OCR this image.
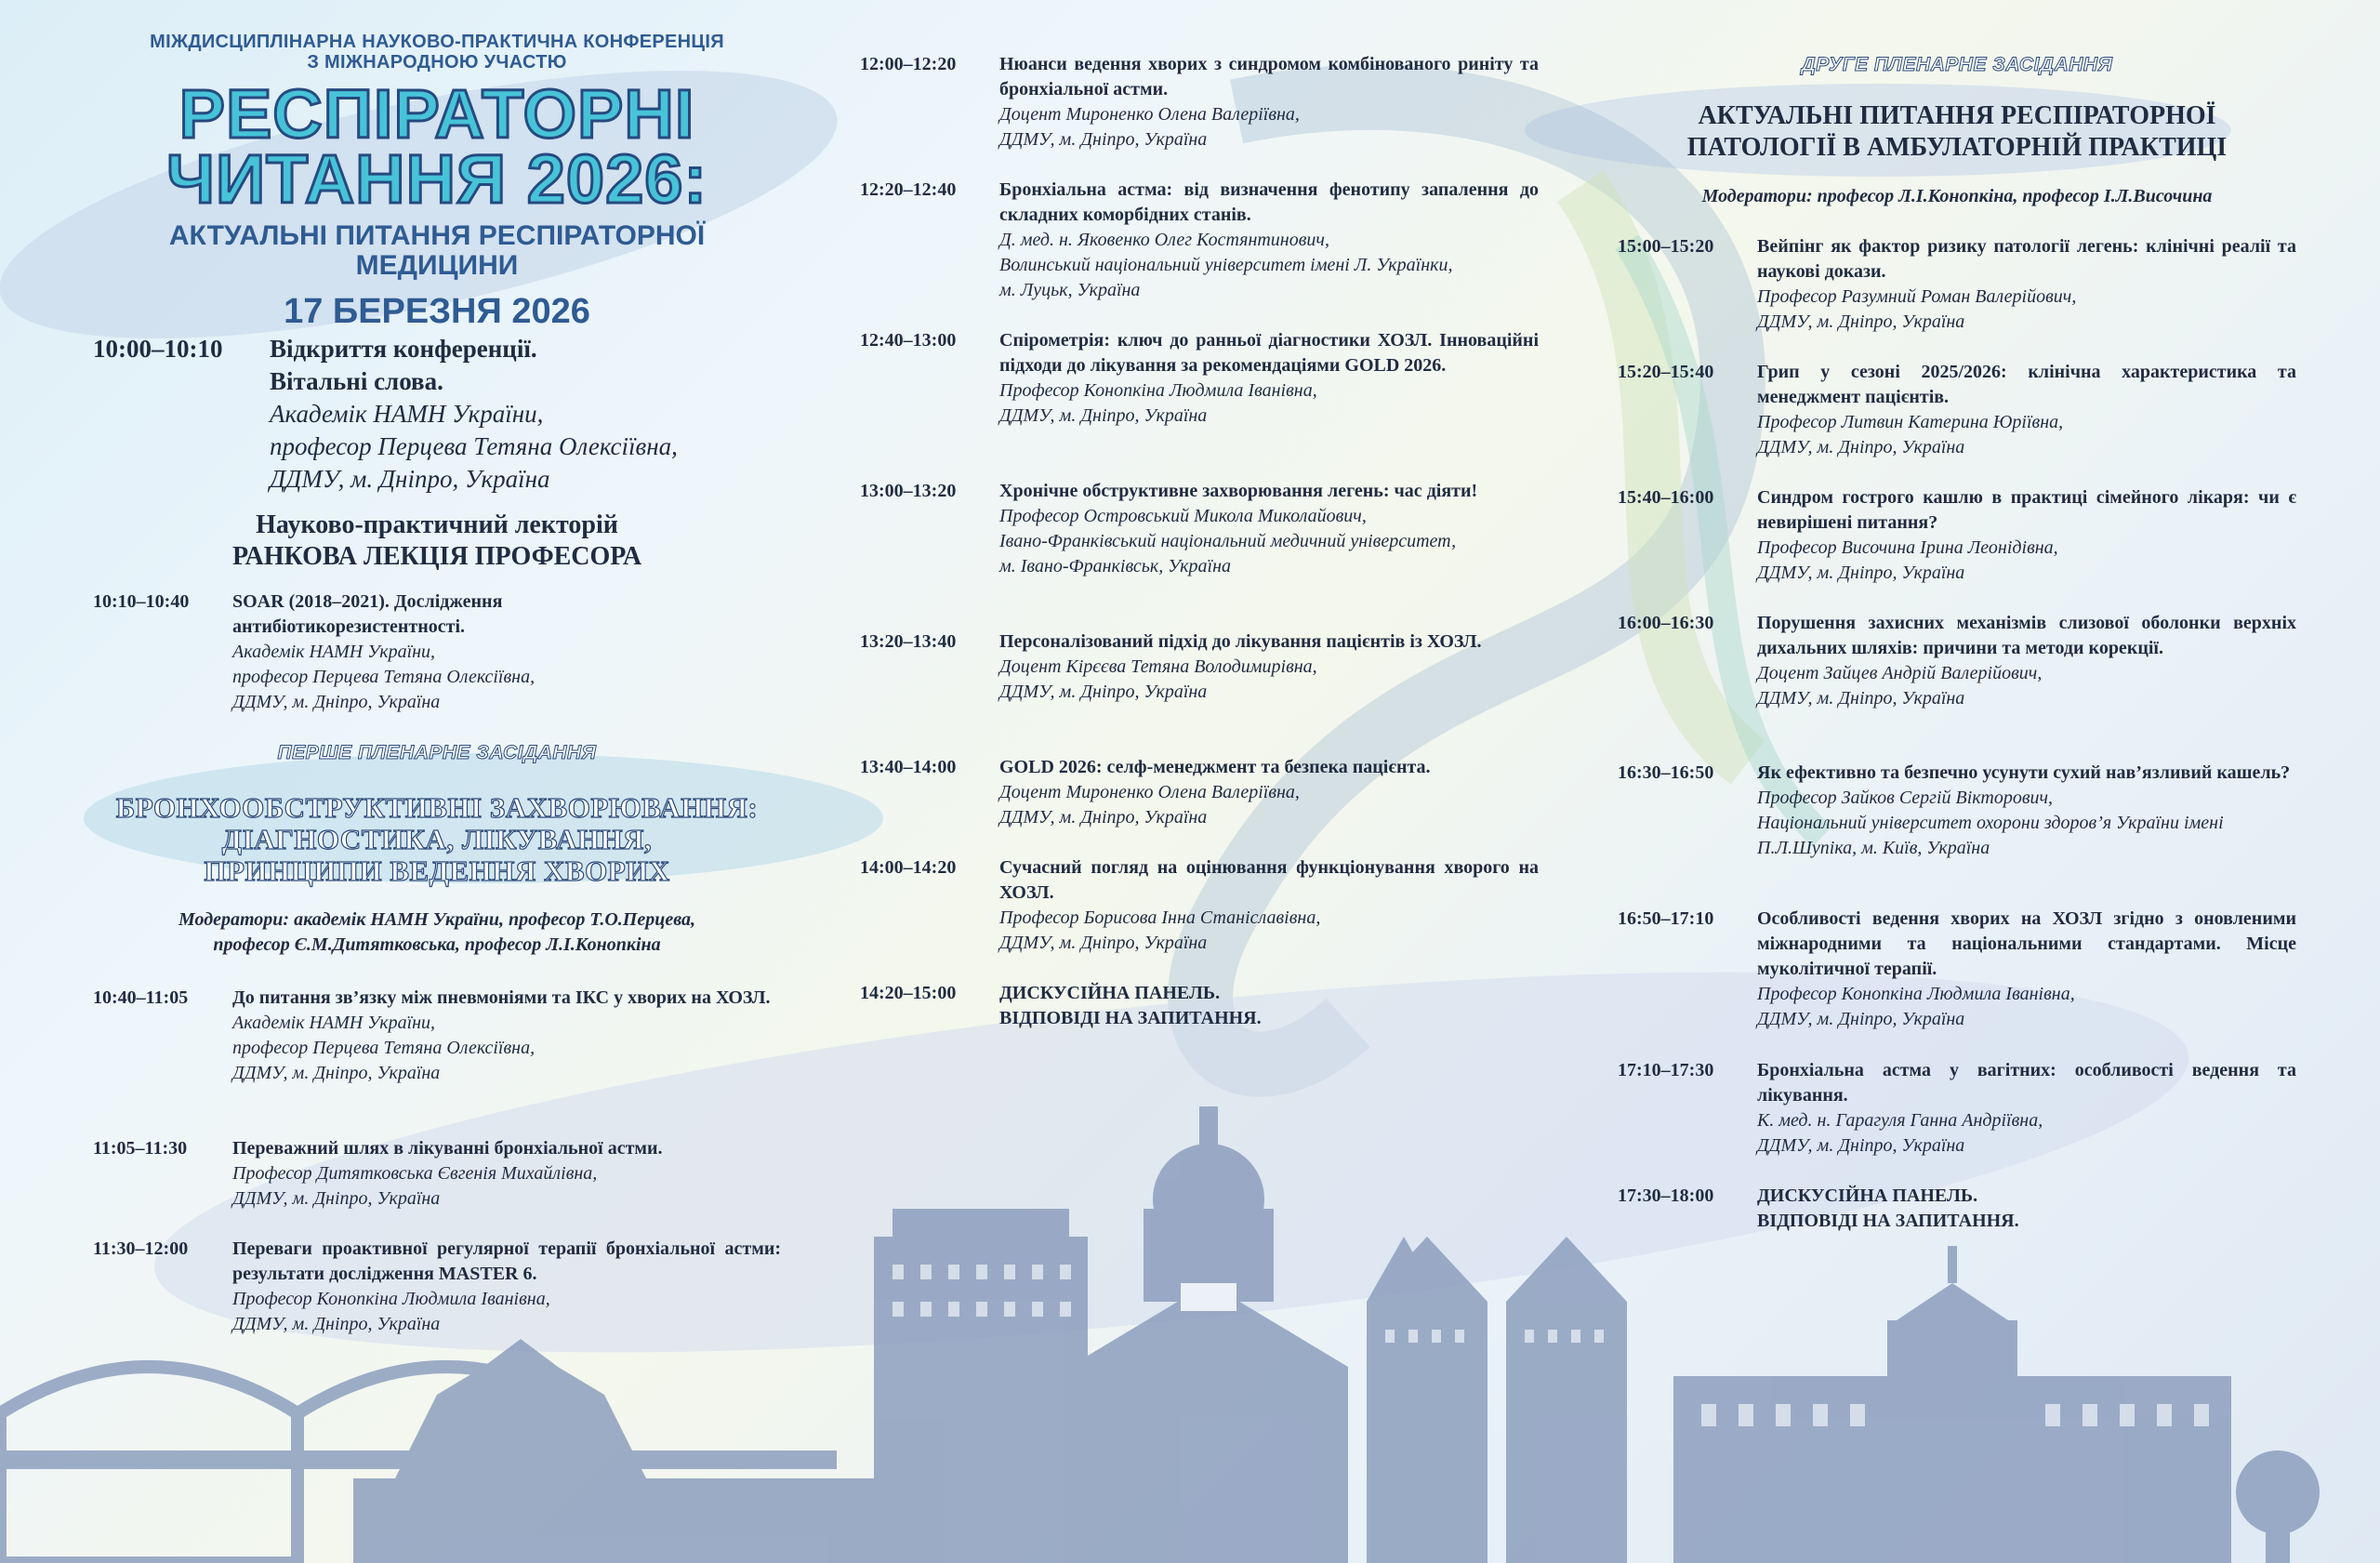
МІЖДИСЦИПЛІНАРНА НАУКОВО-ПРАКТИЧНА КОНФЕРЕНЦІЯ
З МІЖНАРОДНОЮ УЧАСТЮ
РЕСПІРАТОРНІ
ЧИТАННЯ 2026:
АКТУАЛЬНІ ПИТАННЯ РЕСПІРАТОРНОЇ
МЕДИЦИНИ
17 БЕРЕЗНЯ 2026
10:00–10:10	Відкриття конференції.
Вітальні слова.
Академік НАМН України,
професор Перцева Тетяна Олексіївна,
ДДМУ, м. Дніпро, Україна
Науково-практичний лекторій
РАНКОВА ЛЕКЦІЯ ПРОФЕСОРА
10:10–10:40	SOAR (2018–2021). Дослідження
антибіотикорезистентності.
Академік НАМН України,
професор Перцева Тетяна Олексіївна,
ДДМУ, м. Дніпро, Україна
ПЕРШЕ ПЛЕНАРНЕ ЗАСІДАННЯ
БРОНХООБСТРУКТИВНІ ЗАХВОРЮВАННЯ:
ДІАГНОСТИКА, ЛІКУВАННЯ,
ПРИНЦИПИ ВЕДЕННЯ ХВОРИХ
Модератори: академік НАМН України, професор Т.О.Перцева,
професор Є.М.Дитятковська, професор Л.І.Конопкіна
10:40–11:05	До питання зв’язку між пневмоніями та ІКС у хворих на ХОЗЛ.
Академік НАМН України,
професор Перцева Тетяна Олексіївна,
ДДМУ, м. Дніпро, Україна
11:05–11:30	Переважний шлях в лікуванні бронхіальної астми.
Професор Дитятковська Євгенія Михайлівна,
ДДМУ, м. Дніпро, Україна
11:30–12:00	Переваги проактивної регулярної терапії бронхіальної астми: результати дослідження MASTER 6.
Професор Конопкіна Людмила Іванівна,
ДДМУ, м. Дніпро, Україна
12:00–12:20	Нюанси ведення хворих з синдромом комбінованого риніту та бронхіальної астми.
Доцент Мироненко Олена Валеріївна,
ДДМУ, м. Дніпро, Україна
12:20–12:40	Бронхіальна астма: від визначення фенотипу запалення до складних коморбідних станів.
Д. мед. н. Яковенко Олег Костянтинович,
Волинський національний університет імені Л. Українки,
м. Луцьк, Україна
12:40–13:00	Спірометрія: ключ до ранньої діагностики ХОЗЛ. Інноваційні підходи до лікування за рекомендаціями GOLD 2026.
Професор Конопкіна Людмила Іванівна,
ДДМУ, м. Дніпро, Україна
13:00–13:20	Хронічне обструктивне захворювання легень: час діяти!
Професор Островський Микола Миколайович,
Івано-Франківський національний медичний університет,
м. Івано-Франківськ, Україна
13:20–13:40	Персоналізований підхід до лікування пацієнтів із ХОЗЛ.
Доцент Кірєєва Тетяна Володимирівна,
ДДМУ, м. Дніпро, Україна
13:40–14:00	GOLD 2026: селф-менеджмент та безпека пацієнта.
Доцент Мироненко Олена Валеріївна,
ДДМУ, м. Дніпро, Україна
14:00–14:20	Сучасний погляд на оцінювання функціонування хворого на ХОЗЛ.
Професор Борисова Інна Станіславівна,
ДДМУ, м. Дніпро, Україна
14:20–15:00	ДИСКУСІЙНА ПАНЕЛЬ.
ВІДПОВІДІ НА ЗАПИТАННЯ.
ДРУГЕ ПЛЕНАРНЕ ЗАСІДАННЯ
АКТУАЛЬНІ ПИТАННЯ РЕСПІРАТОРНОЇ
ПАТОЛОГІЇ В АМБУЛАТОРНІЙ ПРАКТИЦІ
Модератори: професор Л.І.Конопкіна, професор І.Л.Височина
15:00–15:20	Вейпінг як фактор ризику патології легень: клінічні реалії та наукові докази.
Професор Разумний Роман Валерійович,
ДДМУ, м. Дніпро, Україна
15:20–15:40	Грип у сезоні 2025/2026: клінічна характеристика та менеджмент пацієнтів.
Професор Литвин Катерина Юріївна,
ДДМУ, м. Дніпро, Україна
15:40–16:00	Синдром гострого кашлю в практиці сімейного лікаря: чи є невирішені питання?
Професор Височина Ірина Леонідівна,
ДДМУ, м. Дніпро, Україна
16:00–16:30	Порушення захисних механізмів слизової оболонки верхніх дихальних шляхів: причини та методи корекції.
Доцент Зайцев Андрій Валерійович,
ДДМУ, м. Дніпро, Україна
16:30–16:50	Як ефективно та безпечно усунути сухий нав’язливий кашель?
Професор Зайков Сергій Вікторович,
Національний університет охорони здоров’я України імені П.Л.Шупіка, м. Київ, Україна
16:50–17:10	Особливості ведення хворих на ХОЗЛ згідно з оновленими міжнародними та національними стандартами. Місце муколітичної терапії.
Професор Конопкіна Людмила Іванівна,
ДДМУ, м. Дніпро, Україна
17:10–17:30	Бронхіальна астма у вагітних: особливості ведення та лікування.
К. мед. н. Гарагуля Ганна Андріївна,
ДДМУ, м. Дніпро, Україна
17:30–18:00	ДИСКУСІЙНА ПАНЕЛЬ.
ВІДПОВІДІ НА ЗАПИТАННЯ.
